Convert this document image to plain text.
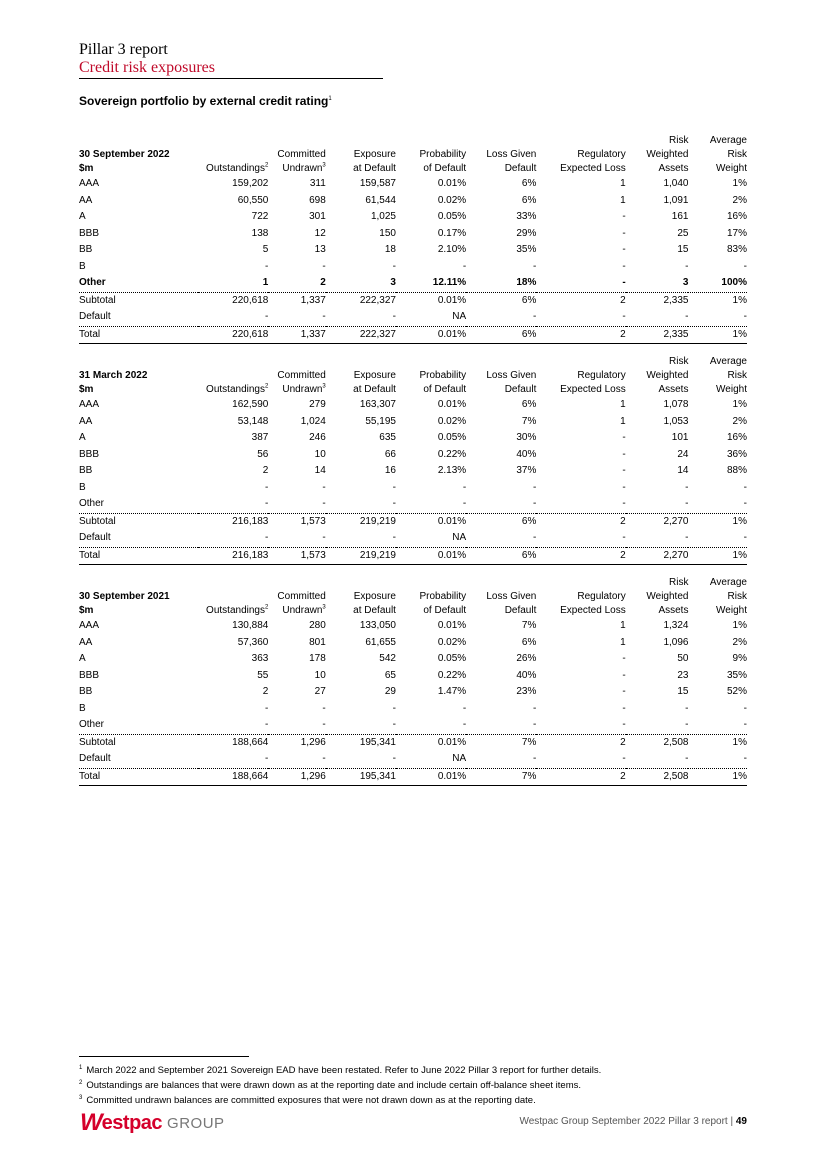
Pillar 3 report
Credit risk exposures
Sovereign portfolio by external credit rating$^1$
							Risk	Average
30 September 2022		Committed	Exposure	Probability	Loss Given	Regulatory	Weighted	Risk
$m	Outstandings$^2$	Undrawn$^3$	at Default	of Default	Default	Expected Loss	Assets	Weight
AAA	159,202	311	159,587	0.01%	6%	1	1,040	1%
AA	60,550	698	61,544	0.02%	6%	1	1,091	2%
A	722	301	1,025	0.05%	33%	-	161	16%
BBB	138	12	150	0.17%	29%	-	25	17%
BB	5	13	18	2.10%	35%	-	15	83%
B	-	-	-	-	-	-	-	-
Other	1	2	3	12.11%	18%	-	3	100%
Subtotal	220,618	1,337	222,327	0.01%	6%	2	2,335	1%
Default	-	-	-	NA	-	-	-	-
Total	220,618	1,337	222,327	0.01%	6%	2	2,335	1%
							Risk	Average
31 March 2022		Committed	Exposure	Probability	Loss Given	Regulatory	Weighted	Risk
$m	Outstandings$^2$	Undrawn$^3$	at Default	of Default	Default	Expected Loss	Assets	Weight
AAA	162,590	279	163,307	0.01%	6%	1	1,078	1%
AA	53,148	1,024	55,195	0.02%	7%	1	1,053	2%
A	387	246	635	0.05%	30%	-	101	16%
BBB	56	10	66	0.22%	40%	-	24	36%
BB	2	14	16	2.13%	37%	-	14	88%
B	-	-	-	-	-	-	-	-
Other	-	-	-	-	-	-	-	-
Subtotal	216,183	1,573	219,219	0.01%	6%	2	2,270	1%
Default	-	-	-	NA	-	-	-	-
Total	216,183	1,573	219,219	0.01%	6%	2	2,270	1%
							Risk	Average
30 September 2021		Committed	Exposure	Probability	Loss Given	Regulatory	Weighted	Risk
$m	Outstandings$^2$	Undrawn$^3$	at Default	of Default	Default	Expected Loss	Assets	Weight
AAA	130,884	280	133,050	0.01%	7%	1	1,324	1%
AA	57,360	801	61,655	0.02%	6%	1	1,096	2%
A	363	178	542	0.05%	26%	-	50	9%
BBB	55	10	65	0.22%	40%	-	23	35%
BB	2	27	29	1.47%	23%	-	15	52%
B	-	-	-	-	-	-	-	-
Other	-	-	-	-	-	-	-	-
Subtotal	188,664	1,296	195,341	0.01%	7%	2	2,508	1%
Default	-	-	-	NA	-	-	-	-
Total	188,664	1,296	195,341	0.01%	7%	2	2,508	1%
$^1$ March 2022 and September 2021 Sovereign EAD have been restated. Refer to June 2022 Pillar 3 report for further details.
$^2$ Outstandings are balances that were drawn down as at the reporting date and include certain off-balance sheet items.
$^3$ Committed undrawn balances are committed exposures that were not drawn down as at the reporting date.
W estpac GROUP	Westpac Group September 2022 Pillar 3 report | 49
